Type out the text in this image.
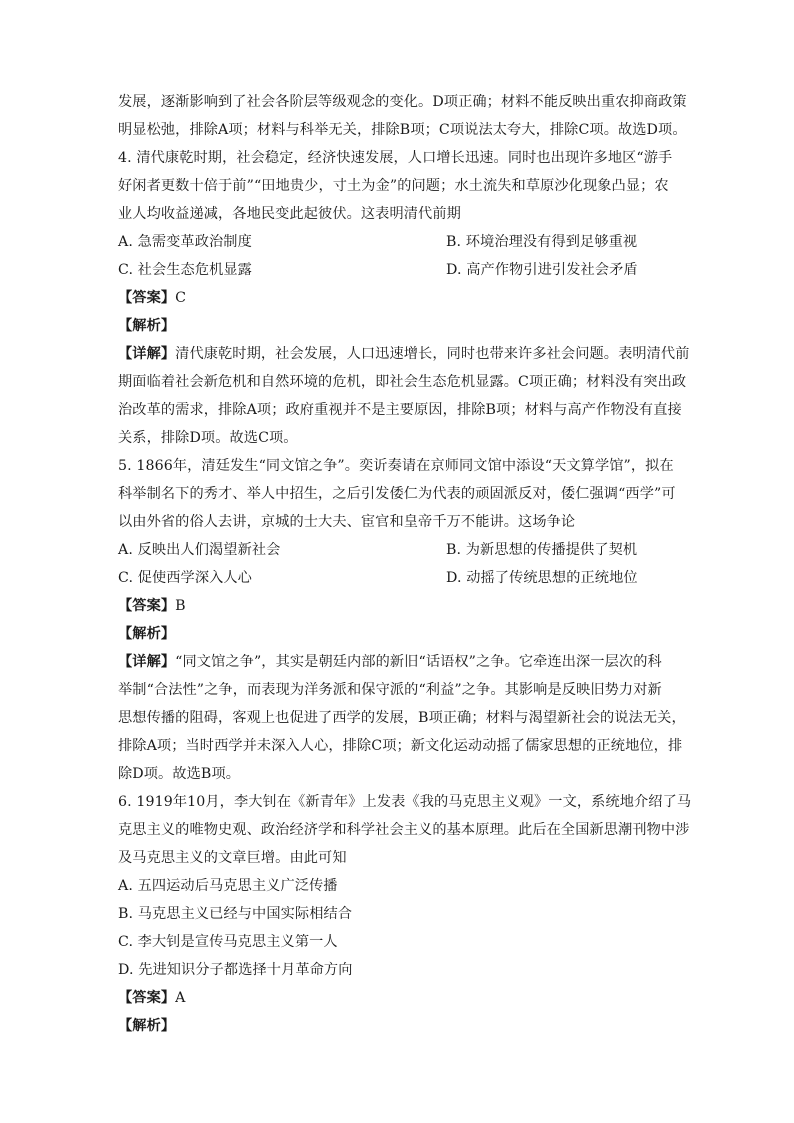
发展，逐渐影响到了社会各阶层等级观念的变化。D项正确；材料不能反映出重农抑商政策
明显松弛，排除A项；材料与科举无关，排除B项；C项说法太夸大，排除C项。故选D项。
4. 清代康乾时期，社会稳定，经济快速发展，人口增长迅速。同时也出现许多地区“游手
好闲者更数十倍于前”“田地贵少，寸土为金”的问题；水土流失和草原沙化现象凸显；农
业人均收益递减，各地民变此起彼伏。这表明清代前期
A. 急需变革政治制度	B. 环境治理没有得到足够重视
C. 社会生态危机显露	D. 高产作物引进引发社会矛盾
【答案】C
【解析】
【详解】清代康乾时期，社会发展，人口迅速增长，同时也带来许多社会问题。表明清代前
期面临着社会新危机和自然环境的危机，即社会生态危机显露。C项正确；材料没有突出政
治改革的需求，排除A项；政府重视并不是主要原因，排除B项；材料与高产作物没有直接
关系，排除D项。故选C项。
5. 1866年，清廷发生“同文馆之争”。奕䜣奏请在京师同文馆中添设“天文算学馆”，拟在
科举制名下的秀才、举人中招生，之后引发倭仁为代表的顽固派反对，倭仁强调“西学”可
以由外省的俗人去讲，京城的士大夫、宦官和皇帝千万不能讲。这场争论
A. 反映出人们渴望新社会	B. 为新思想的传播提供了契机
C. 促使西学深入人心	D. 动摇了传统思想的正统地位
【答案】B
【解析】
【详解】“同文馆之争”，其实是朝廷内部的新旧“话语权”之争。它牵连出深一层次的科
举制“合法性”之争，而表现为洋务派和保守派的“利益”之争。其影响是反映旧势力对新
思想传播的阻碍，客观上也促进了西学的发展，B项正确；材料与渴望新社会的说法无关，
排除A项；当时西学并未深入人心，排除C项；新文化运动动摇了儒家思想的正统地位，排
除D项。故选B项。
6. 1919年10月，李大钊在《新青年》上发表《我的马克思主义观》一文，系统地介绍了马
克思主义的唯物史观、政治经济学和科学社会主义的基本原理。此后在全国新思潮刊物中涉
及马克思主义的文章巨增。由此可知
A. 五四运动后马克思主义广泛传播
B. 马克思主义已经与中国实际相结合
C. 李大钊是宣传马克思主义第一人
D. 先进知识分子都选择十月革命方向
【答案】A
【解析】
